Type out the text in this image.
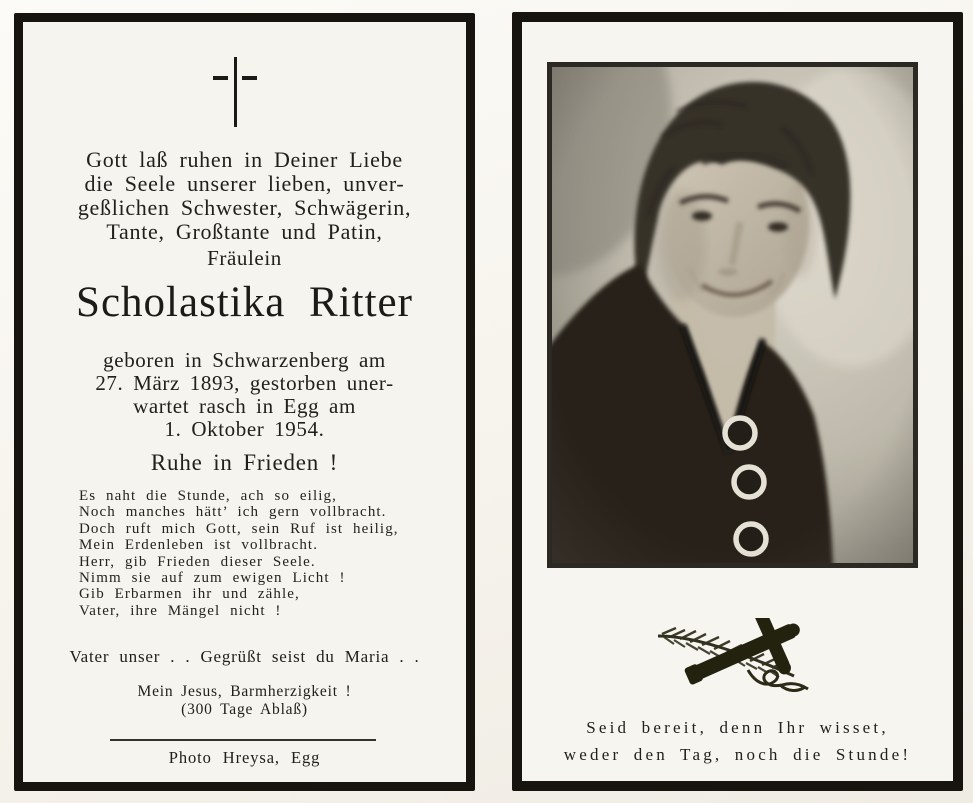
Gott laß ruhen in Deiner Liebe
die Seele unserer lieben, unver-
geßlichen Schwester, Schwägerin,
Tante, Großtante und Patin,
Fräulein
Scholastika Ritter
geboren in Schwarzenberg am
27. März 1893, gestorben uner-
wartet rasch in Egg am
1. Oktober 1954.
Ruhe in Frieden !
Es naht die Stunde, ach so eilig,
Noch manches hätt’ ich gern vollbracht.
Doch ruft mich Gott, sein Ruf ist heilig,
Mein Erdenleben ist vollbracht.
Herr, gib Frieden dieser Seele.
Nimm sie auf zum ewigen Licht !
Gib Erbarmen ihr und zähle,
Vater, ihre Mängel nicht !
Vater unser . . Gegrüßt seist du Maria . .
Mein Jesus, Barmherzigkeit !
(300 Tage Ablaß)
Photo Hreysa, Egg
Seid bereit, denn Ihr wisset,
weder den Tag, noch die Stunde!
